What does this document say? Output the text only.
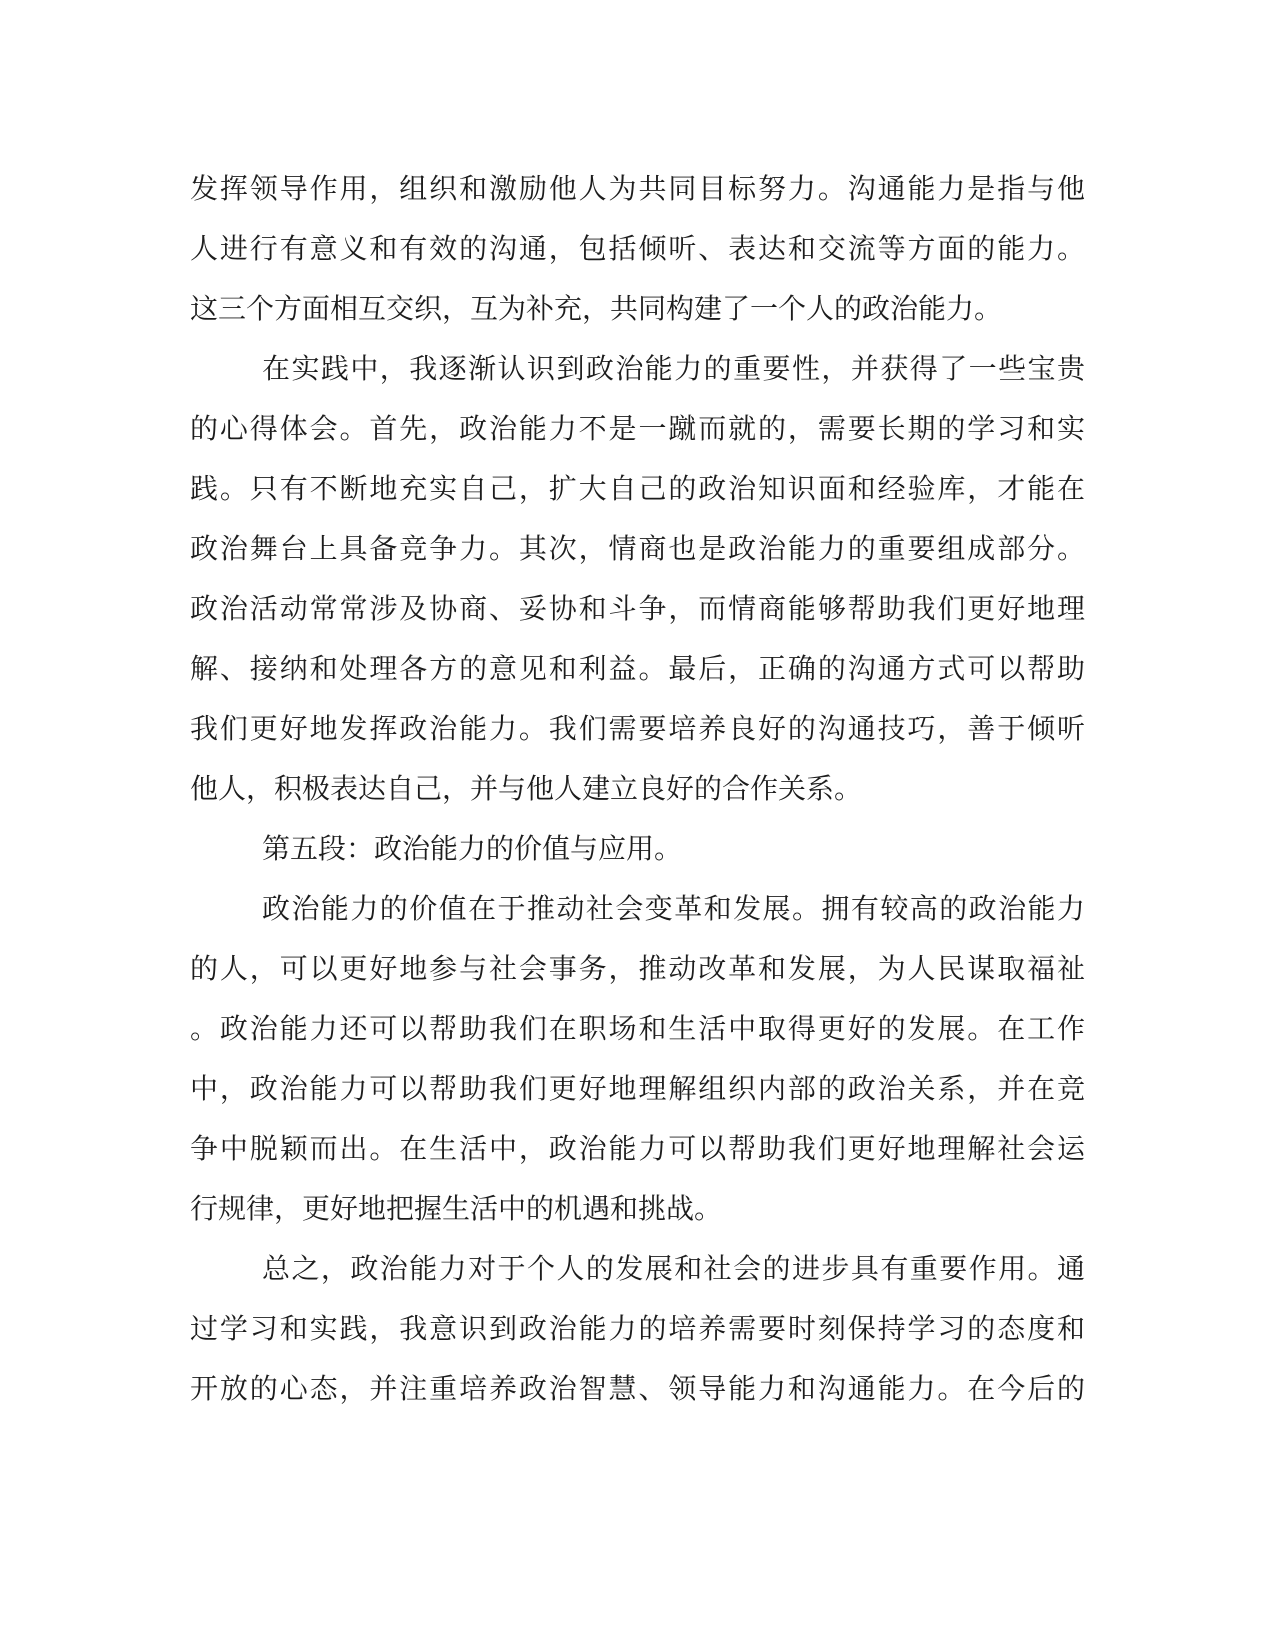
发挥领导作用，组织和激励他人为共同目标努力。沟通能力是指与他
人进行有意义和有效的沟通，包括倾听、表达和交流等方面的能力。
这三个方面相互交织，互为补充，共同构建了一个人的政治能力。
在实践中，我逐渐认识到政治能力的重要性，并获得了一些宝贵
的心得体会。首先，政治能力不是一蹴而就的，需要长期的学习和实
践。只有不断地充实自己，扩大自己的政治知识面和经验库，才能在
政治舞台上具备竞争力。其次，情商也是政治能力的重要组成部分。
政治活动常常涉及协商、妥协和斗争，而情商能够帮助我们更好地理
解、接纳和处理各方的意见和利益。最后，正确的沟通方式可以帮助
我们更好地发挥政治能力。我们需要培养良好的沟通技巧，善于倾听
他人，积极表达自己，并与他人建立良好的合作关系。
第五段：政治能力的价值与应用。
政治能力的价值在于推动社会变革和发展。拥有较高的政治能力
的人，可以更好地参与社会事务，推动改革和发展，为人民谋取福祉
。政治能力还可以帮助我们在职场和生活中取得更好的发展。在工作
中，政治能力可以帮助我们更好地理解组织内部的政治关系，并在竞
争中脱颖而出。在生活中，政治能力可以帮助我们更好地理解社会运
行规律，更好地把握生活中的机遇和挑战。
总之，政治能力对于个人的发展和社会的进步具有重要作用。通
过学习和实践，我意识到政治能力的培养需要时刻保持学习的态度和
开放的心态，并注重培养政治智慧、领导能力和沟通能力。在今后的
